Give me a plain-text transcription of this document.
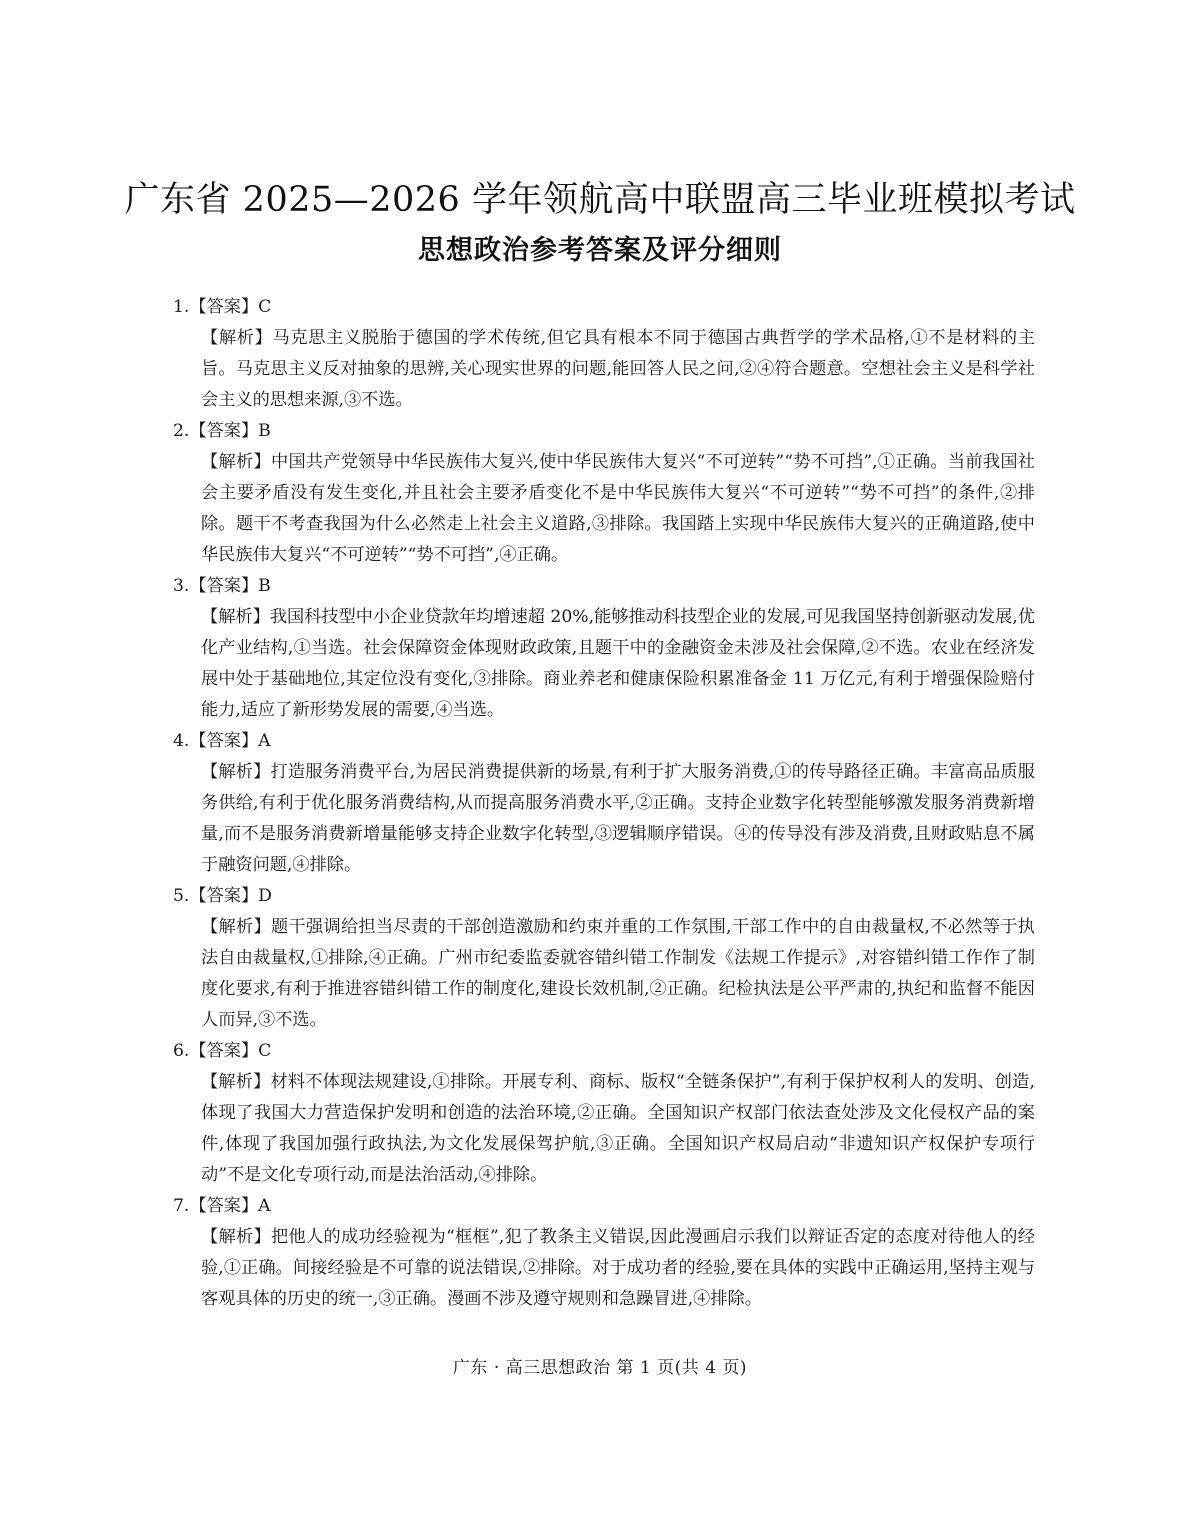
广东省 2025—2026 学年领航高中联盟高三毕业班模拟考试
思想政治参考答案及评分细则

1.【答案】C

【解析】马克思主义脱胎于德国的学术传统,但它具有根本不同于德国古典哲学的学术品格,①不是材料的主旨。马克思主义反对抽象的思辨,关心现实世界的问题,能回答人民之问,②④符合题意。空想社会主义是科学社会主义的思想来源,③不选。

2.【答案】B

【解析】中国共产党领导中华民族伟大复兴,使中华民族伟大复兴“不可逆转”“势不可挡”,①正确。当前我国社会主要矛盾没有发生变化,并且社会主要矛盾变化不是中华民族伟大复兴“不可逆转”“势不可挡”的条件,②排除。题干不考查我国为什么必然走上社会主义道路,③排除。我国踏上实现中华民族伟大复兴的正确道路,使中华民族伟大复兴“不可逆转”“势不可挡”,④正确。

3.【答案】B

【解析】我国科技型中小企业贷款年均增速超 20%,能够推动科技型企业的发展,可见我国坚持创新驱动发展,优化产业结构,①当选。社会保障资金体现财政政策,且题干中的金融资金未涉及社会保障,②不选。农业在经济发展中处于基础地位,其定位没有变化,③排除。商业养老和健康保险积累准备金 11 万亿元,有利于增强保险赔付能力,适应了新形势发展的需要,④当选。

4.【答案】A

【解析】打造服务消费平台,为居民消费提供新的场景,有利于扩大服务消费,①的传导路径正确。丰富高品质服务供给,有利于优化服务消费结构,从而提高服务消费水平,②正确。支持企业数字化转型能够激发服务消费新增量,而不是服务消费新增量能够支持企业数字化转型,③逻辑顺序错误。④的传导没有涉及消费,且财政贴息不属于融资问题,④排除。

5.【答案】D

【解析】题干强调给担当尽责的干部创造激励和约束并重的工作氛围,干部工作中的自由裁量权,不必然等于执法自由裁量权,①排除,④正确。广州市纪委监委就容错纠错工作制发《法规工作提示》,对容错纠错工作作了制度化要求,有利于推进容错纠错工作的制度化,建设长效机制,②正确。纪检执法是公平严肃的,执纪和监督不能因人而异,③不选。

6.【答案】C

【解析】材料不体现法规建设,①排除。开展专利、商标、版权“全链条保护”,有利于保护权利人的发明、创造,体现了我国大力营造保护发明和创造的法治环境,②正确。全国知识产权部门依法查处涉及文化侵权产品的案件,体现了我国加强行政执法,为文化发展保驾护航,③正确。全国知识产权局启动“非遗知识产权保护专项行动”不是文化专项行动,而是法治活动,④排除。

7.【答案】A

【解析】把他人的成功经验视为“框框”,犯了教条主义错误,因此漫画启示我们以辩证否定的态度对待他人的经验,①正确。间接经验是不可靠的说法错误,②排除。对于成功者的经验,要在具体的实践中正确运用,坚持主观与客观具体的历史的统一,③正确。漫画不涉及遵守规则和急躁冒进,④排除。

广东 · 高三思想政治 第 1 页(共 4 页)
